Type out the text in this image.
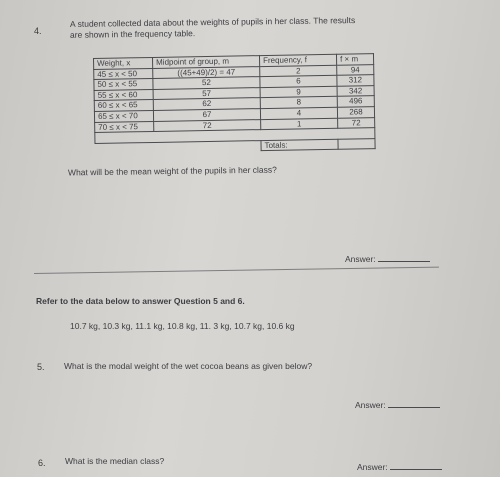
4.
A student collected data about the weights of pupils in her class. The results
are shown in the frequency table.
Weight, x	Midpoint of group, m	Frequency, f	f × m
45 ≤ x < 50	((45+49)/2) = 47	2	94
50 ≤ x < 55	52	6	312
55 ≤ x < 60	57	9	342
60 ≤ x < 65	62	8	496
65 ≤ x < 70	67	4	268
70 ≤ x < 75	72	1	72

		Totals:	
What will be the mean weight of the pupils in her class?
Answer:
Refer to the data below to answer Question 5 and 6.
10.7 kg, 10.3 kg, 11.1 kg, 10.8 kg, 11. 3 kg, 10.7 kg, 10.6 kg
5. What is the modal weight of the wet cocoa beans as given below?
Answer:
6. What is the median class?
Answer:
